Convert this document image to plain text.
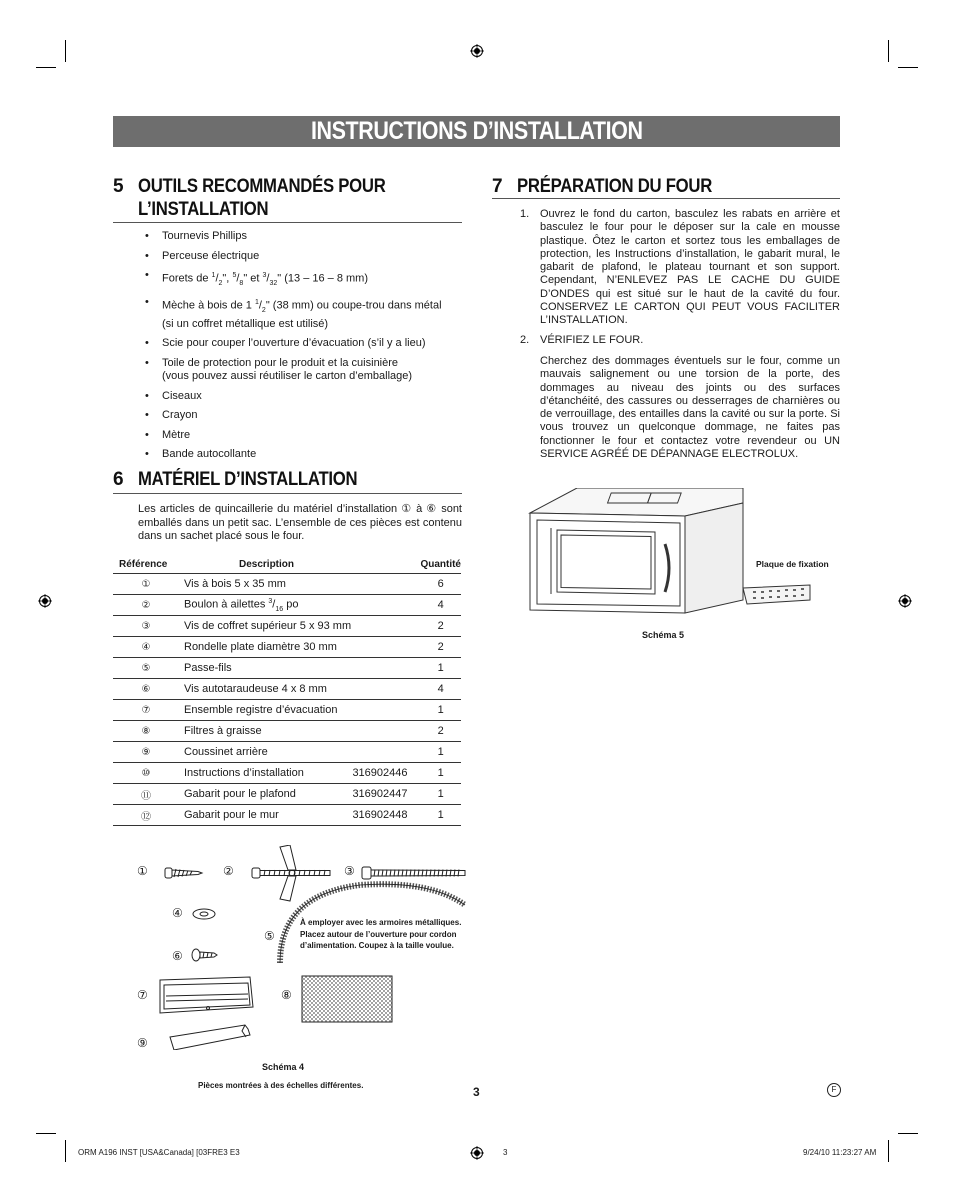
INSTRUCTIONS D’INSTALLATION
5 OUTILS RECOMMANDÉS POUR
L’INSTALLATION
• Tournevis Phillips
• Perceuse électrique
• Forets de $^1/_2$", $^5/_8$" et $^3/_{32}$" (13 – 16 – 8 mm)
• Mèche à bois de 1 $^1/_2$" (38 mm) ou coupe-trou dans métal
(si un coffret métallique est utilisé)
• Scie pour couper l’ouverture d’évacuation (s’il y a lieu)
• Toile de protection pour le produit et la cuisinière
(vous pouvez aussi réutiliser le carton d’emballage)
• Ciseaux
• Crayon
• Mètre
• Bande autocollante
6 MATÉRIEL D’INSTALLATION
Les articles de quincaillerie du matériel d’installation ① à ⑥ sont emballés dans un petit sac. L’ensemble de ces pièces est contenu dans un sachet placé sous le four.
Référence	Description		Quantité
①	Vis à bois 5 x 35 mm		6
②	Boulon à ailettes $^3/_{16}$ po		4
③	Vis de coffret supérieur 5 x 93 mm		2
④	Rondelle plate diamètre 30 mm		2
⑤	Passe-fils		1
⑥	Vis autotaraudeuse 4 x 8 mm		4
⑦	Ensemble registre d’évacuation		1
⑧	Filtres à graisse		2
⑨	Coussinet arrière		1
⑩	Instructions d’installation	316902446	1
⑪	Gabarit pour le plafond	316902447	1
⑫	Gabarit pour le mur	316902448	1
①	②	③
④
⑤
⑥
⑦	⑧
⑨
À employer avec les armoires métalliques.
Placez autour de l’ouverture pour cordon
d’alimentation. Coupez à la taille voulue.
Schéma 4
Pièces montrées à des échelles différentes.
7 PRÉPARATION DU FOUR
1. Ouvrez le fond du carton, basculez les rabats en arrière et basculez le four pour le déposer sur la cale en mousse plastique. Ôtez le carton et sortez tous les emballages de protection, les Instructions d’installation, le gabarit mural, le gabarit de plafond, le plateau tournant et son support. Cependant, N’ENLEVEZ PAS LE CACHE DU GUIDE D’ONDES qui est situé sur le haut de la cavité du four. CONSERVEZ LE CARTON QUI PEUT VOUS FACILITER L’INSTALLATION.
2. VÉRIFIEZ LE FOUR.
Cherchez des dommages éventuels sur le four, comme un mauvais salignement ou une torsion de la porte, des dommages au niveau des joints ou des surfaces d’étanchéité, des cassures ou desserrages de charnières ou de verrouillage, des entailles dans la cavité ou sur la porte. Si vous trouvez un quelconque dommage, ne faites pas fonctionner le four et contactez votre revendeur ou UN SERVICE AGRÉÉ DE DÉPANNAGE ELECTROLUX.
Plaque de fixation
Schéma 5
3	F
ORM A196 INST [USA&Canada] [03FRE3 E3	3	9/24/10 11:23:27 AM
